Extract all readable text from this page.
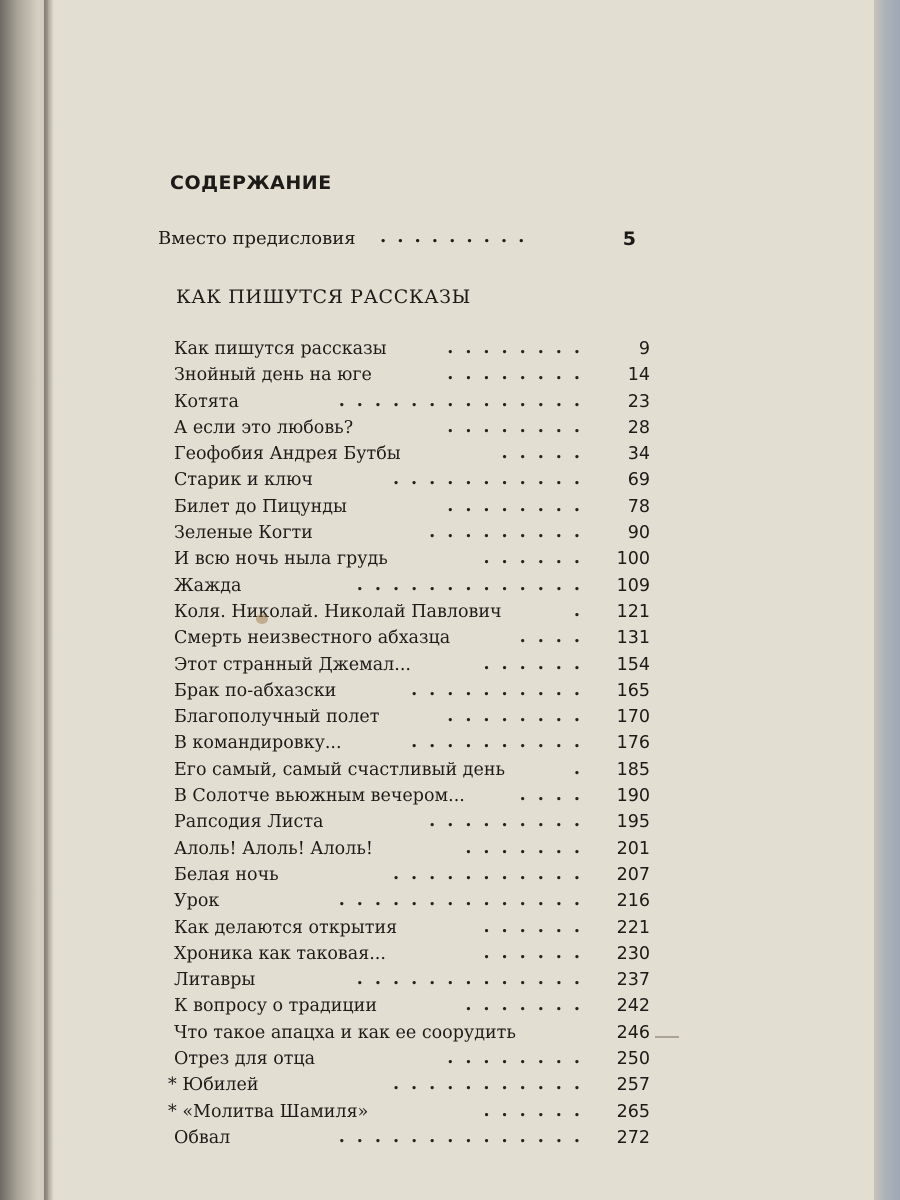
СОДЕРЖАНИЕ
Вместо предисловия .........	5
КАК ПИШУТСЯ РАССКАЗЫ
Как пишутся рассказы	........	9
Знойный день на юге	........ 14
Котята	.............. 23
А если это любовь?	........ 28
Геофобия Андрея Бутбы	..... 34
Старик и ключ	........... 69
Билет до Пицунды	........ 78
Зеленые Когти	......... 90
И всю ночь ныла грудь	...... 100
Жажда	............. 109
Коля. Николай. Николай Павлович	. 121
Смерть неизвестного абхазца	.... 131
Этот странный Джемал...	...... 154
Брак по-абхазски	.......... 165
Благополучный полет	........ 170
В командировку...	.......... 176
Его самый, самый счастливый день	. 185
В Солотче вьюжным вечером...	.... 190
Рапсодия Листа	......... 195
Алоль! Алоль! Алоль!	....... 201
Белая ночь	........... 207
Урок	.............. 216
Как делаются открытия	...... 221
Хроника как таковая...	...... 230
Литавры	............. 237
К вопросу о традиции	....... 242
Что такое апацха и как ее соорудить	246
Отрез для отца	........ 250
* Юбилей	........... 257
* «Молитва Шамиля»	...... 265
Обвал	.............. 272
